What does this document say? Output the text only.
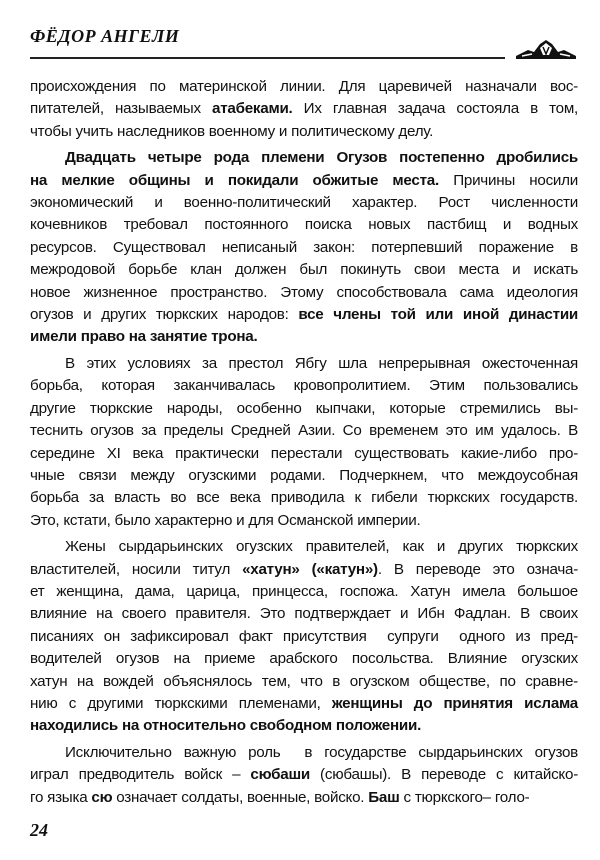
ФЁДОР АНГЕЛИ
происхождения по материнской линии. Для царевичей назначали вос-
питателей, называемых атабеками. Их главная задача состояла в том,
чтобы учить наследников военному и политическому делу.
Двадцать четыре рода племени Огузов постепенно дробились
на мелкие общины и покидали обжитые места. Причины носили
экономический и военно-политический характер. Рост численности
кочевников требовал постоянного поиска новых пастбищ и водных
ресурсов. Существовал неписаный закон: потерпевший поражение в
межродовой борьбе клан должен был покинуть свои места и искать
новое жизненное пространство. Этому способствовала сама идеология
огузов и других тюркских народов: все члены той или иной династии
имели право на занятие трона.
В этих условиях за престол Ябгу шла непрерывная ожесточенная
борьба, которая заканчивалась кровопролитием. Этим пользовались
другие тюркские народы, особенно кыпчаки, которые стремились вы-
теснить огузов за пределы Средней Азии. Со временем это им удалось. В
середине XI века практически перестали существовать какие-либо про-
чные связи между огузскими родами. Подчеркнем, что междоусобная
борьба за власть во все века приводила к гибели тюркских государств.
Это, кстати, было характерно и для Османской империи.
Жены сырдарьинских огузских правителей, как и других тюркских
властителей, носили титул «хатун» («катун»). В переводе это означа-
ет женщина, дама, царица, принцесса, госпожа. Хатун имела большое
влияние на своего правителя. Это подтверждает и Ибн Фадлан. В своих
писаниях он зафиксировал факт присутствия  супруги  одного из пред-
водителей огузов на приеме арабского посольства. Влияние огузских
хатун на вождей объяснялось тем, что в огузском обществе, по сравне-
нию с другими тюркскими племенами, женщины до принятия ислама
находились на относительно свободном положении.
Исключительно важную роль  в государстве сырдарьинских огузов
играл предводитель войск – сюбаши (сюбашы). В переводе с китайско-
го языка сю означает солдаты, военные, войско. Баш с тюркского– голо-
24
